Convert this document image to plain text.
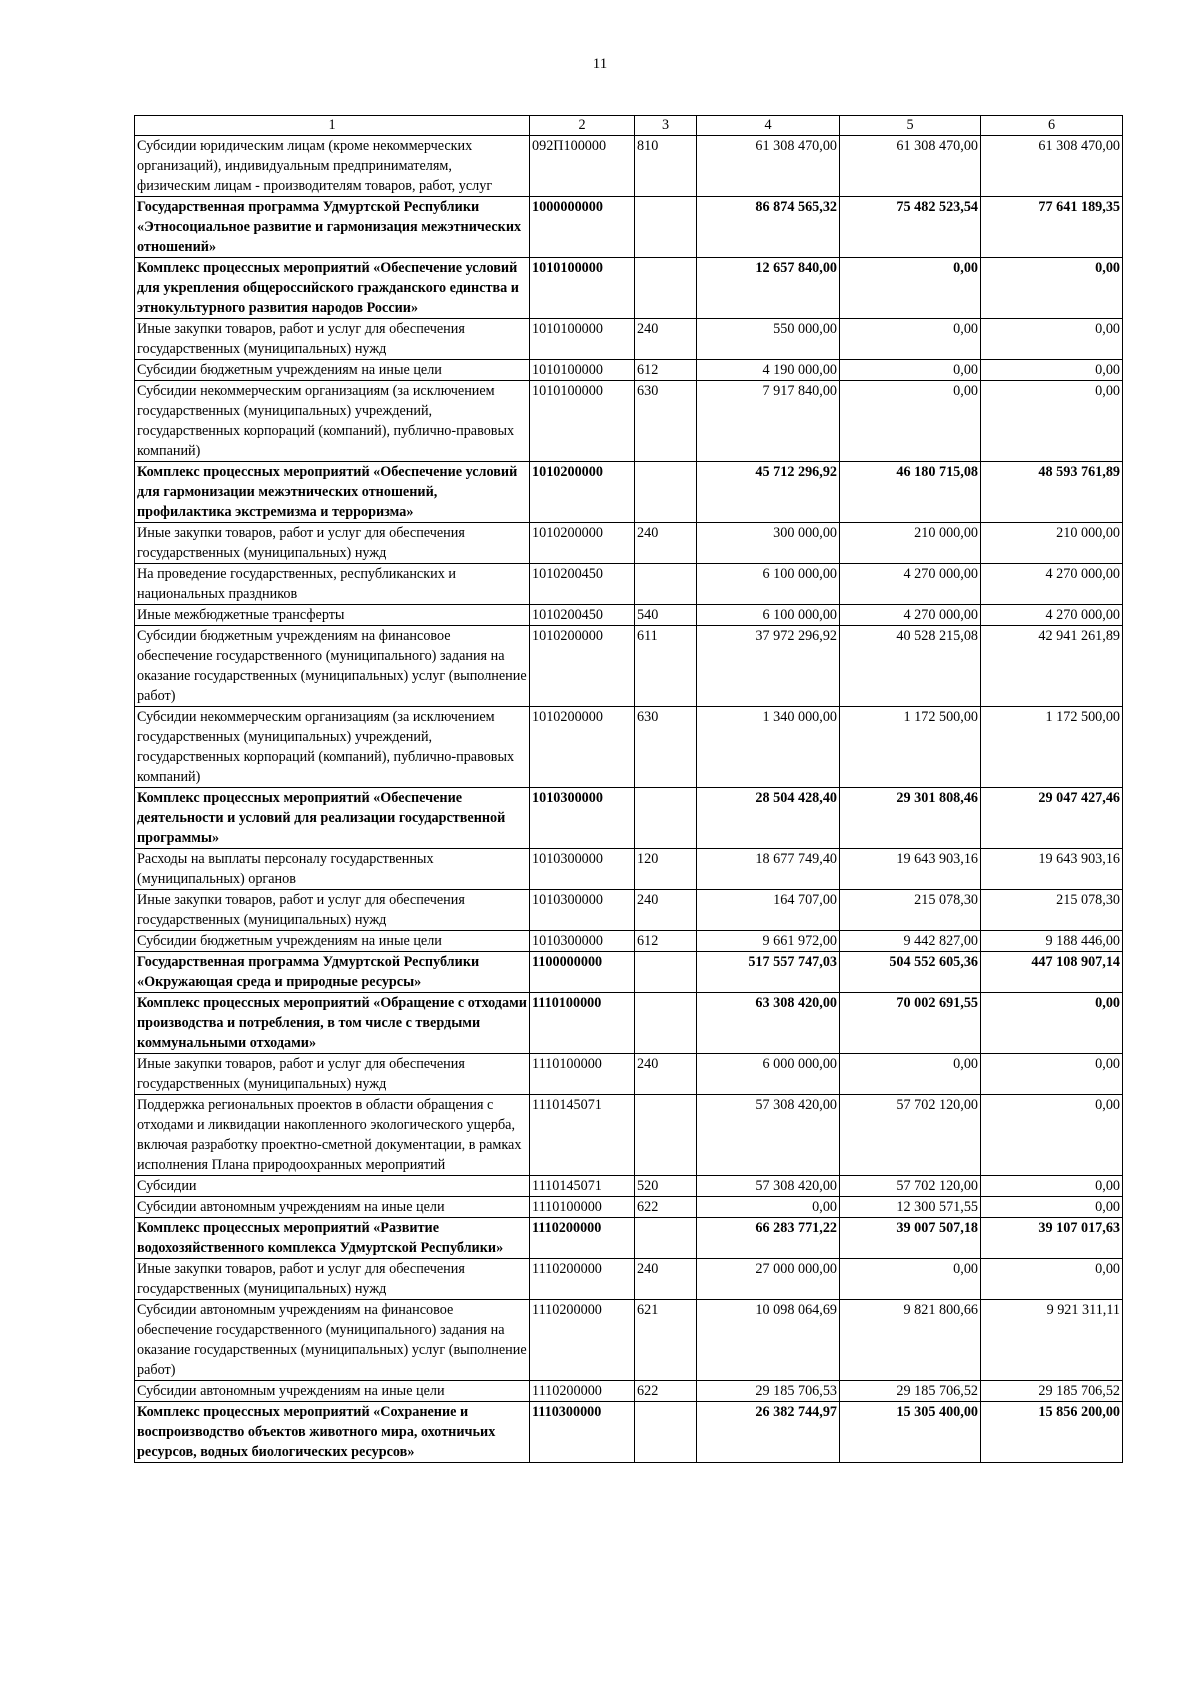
11
1	2	3	4	5	6
Субсидии юридическим лицам (кроме некоммерческих организаций), индивидуальным предпринимателям, физическим лицам - производителям товаров, работ, услуг	092П100000	810	61 308 470,00	61 308 470,00	61 308 470,00
Государственная программа Удмуртской Республики «Этносоциальное развитие и гармонизация межэтнических отношений»	1000000000		86 874 565,32	75 482 523,54	77 641 189,35
Комплекс процессных мероприятий «Обеспечение условий для укрепления общероссийского гражданского единства и этнокультурного развития народов России»	1010100000		12 657 840,00	0,00	0,00
Иные закупки товаров, работ и услуг для обеспечения государственных (муниципальных) нужд	1010100000	240	550 000,00	0,00	0,00
Субсидии бюджетным учреждениям на иные цели	1010100000	612	4 190 000,00	0,00	0,00
Субсидии некоммерческим организациям (за исключением государственных (муниципальных) учреждений, государственных корпораций (компаний), публично-правовых компаний)	1010100000	630	7 917 840,00	0,00	0,00
Комплекс процессных мероприятий «Обеспечение условий для гармонизации межэтнических отношений, профилактика экстремизма и терроризма»	1010200000		45 712 296,92	46 180 715,08	48 593 761,89
Иные закупки товаров, работ и услуг для обеспечения государственных (муниципальных) нужд	1010200000	240	300 000,00	210 000,00	210 000,00
На проведение государственных, республиканских и национальных праздников	1010200450		6 100 000,00	4 270 000,00	4 270 000,00
Иные межбюджетные трансферты	1010200450	540	6 100 000,00	4 270 000,00	4 270 000,00
Субсидии бюджетным учреждениям на финансовое обеспечение государственного (муниципального) задания на оказание государственных (муниципальных) услуг (выполнение работ)	1010200000	611	37 972 296,92	40 528 215,08	42 941 261,89
Субсидии некоммерческим организациям (за исключением государственных (муниципальных) учреждений, государственных корпораций (компаний), публично-правовых компаний)	1010200000	630	1 340 000,00	1 172 500,00	1 172 500,00
Комплекс процессных мероприятий «Обеспечение деятельности и условий для реализации государственной программы»	1010300000		28 504 428,40	29 301 808,46	29 047 427,46
Расходы на выплаты персоналу государственных (муниципальных) органов	1010300000	120	18 677 749,40	19 643 903,16	19 643 903,16
Иные закупки товаров, работ и услуг для обеспечения государственных (муниципальных) нужд	1010300000	240	164 707,00	215 078,30	215 078,30
Субсидии бюджетным учреждениям на иные цели	1010300000	612	9 661 972,00	9 442 827,00	9 188 446,00
Государственная программа Удмуртской Республики «Окружающая среда и природные ресурсы»	1100000000		517 557 747,03	504 552 605,36	447 108 907,14
Комплекс процессных мероприятий «Обращение с отходами производства и потребления, в том числе с твердыми коммунальными отходами»	1110100000		63 308 420,00	70 002 691,55	0,00
Иные закупки товаров, работ и услуг для обеспечения государственных (муниципальных) нужд	1110100000	240	6 000 000,00	0,00	0,00
Поддержка региональных проектов в области обращения с отходами и ликвидации накопленного экологического ущерба, включая разработку проектно-сметной документации, в рамках исполнения Плана природоохранных мероприятий	1110145071		57 308 420,00	57 702 120,00	0,00
Субсидии	1110145071	520	57 308 420,00	57 702 120,00	0,00
Субсидии автономным учреждениям на иные цели	1110100000	622	0,00	12 300 571,55	0,00
Комплекс процессных мероприятий «Развитие водохозяйственного комплекса Удмуртской Республики»	1110200000		66 283 771,22	39 007 507,18	39 107 017,63
Иные закупки товаров, работ и услуг для обеспечения государственных (муниципальных) нужд	1110200000	240	27 000 000,00	0,00	0,00
Субсидии автономным учреждениям на финансовое обеспечение государственного (муниципального) задания на оказание государственных (муниципальных) услуг (выполнение работ)	1110200000	621	10 098 064,69	9 821 800,66	9 921 311,11
Субсидии автономным учреждениям на иные цели	1110200000	622	29 185 706,53	29 185 706,52	29 185 706,52
Комплекс процессных мероприятий «Сохранение и воспроизводство объектов животного мира, охотничьих ресурсов, водных биологических ресурсов»	1110300000		26 382 744,97	15 305 400,00	15 856 200,00
